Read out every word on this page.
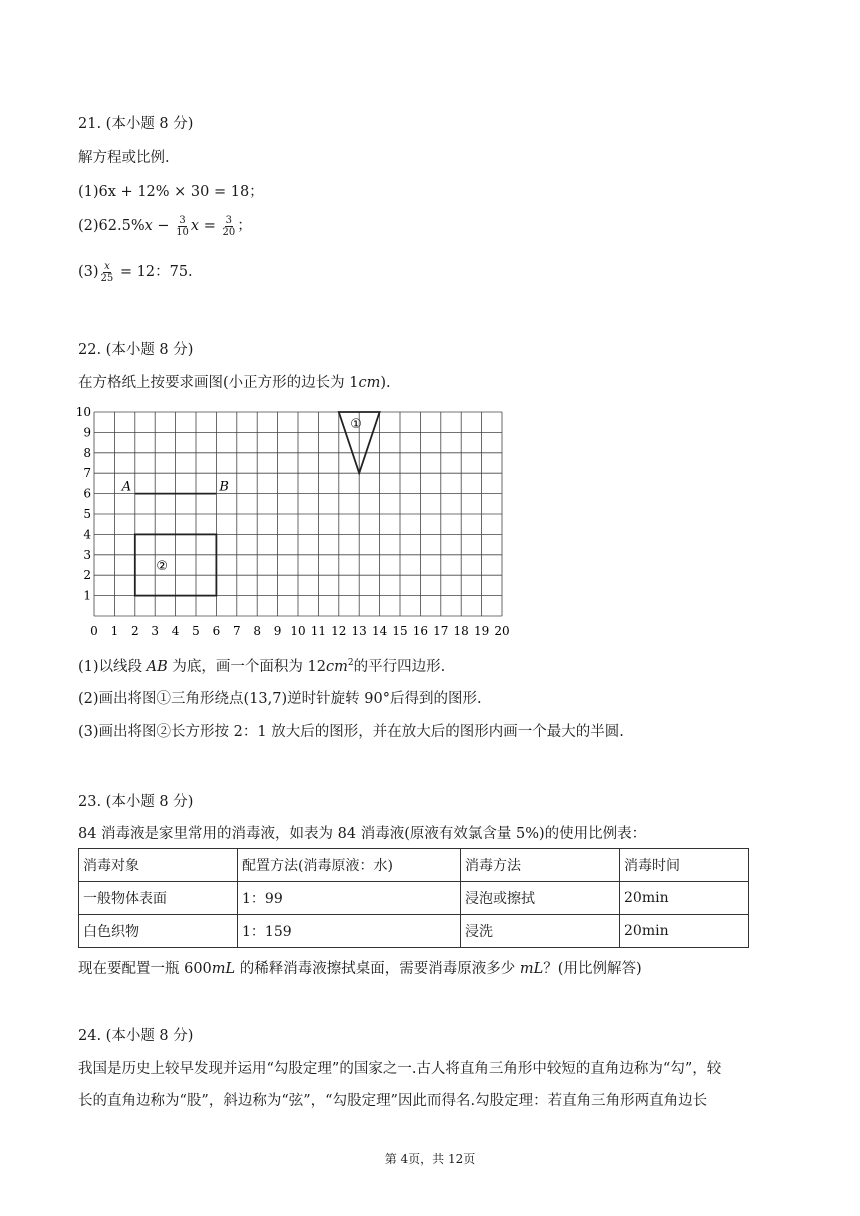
21. (本小题 8 分)
解方程或比例.
(1)6x + 12% × 30 = 18；
$(2)62.5\%x - \frac{3}{10}$ $x = \frac{3}{20}$ ；
$(3) \frac{x}{25} = 12$：75.
22. (本小题 8 分)
在方格纸上按要求画图(小正方形的边长为 1cm).
0 1 2 3 4 5 6 7 8 9 10 11 12 13 14 15 16 17 18 19 20
1
2
3
4
5
6
7
8
9
10
A	B
①
②
(1)以线段 AB 为底，画一个面积为 $12cm^2$的平行四边形.
(2)画出将图①三角形绕点(13,7)逆时针旋转 90°后得到的图形.
(3)画出将图②长方形按 2：1 放大后的图形，并在放大后的图形内画一个最大的半圆.
23. (本小题 8 分)
84 消毒液是家里常用的消毒液，如表为 84 消毒液(原液有效氯含量 5%)的使用比例表：
消毒对象	配置方法(消毒原液：水)	消毒方法	消毒时间
一般物体表面	1：99	浸泡或擦拭	20min
白色织物	1：159	浸洗	20min
现在要配置一瓶 600mL 的稀释消毒液擦拭桌面，需要消毒原液多少 mL？(用比例解答)
24. (本小题 8 分)
我国是历史上较早发现并运用“勾股定理”的国家之一.古人将直角三角形中较短的直角边称为“勾”，较
长的直角边称为“股”，斜边称为“弦”，“勾股定理”因此而得名.勾股定理：若直角三角形两直角边长
第 4页，共 12页
